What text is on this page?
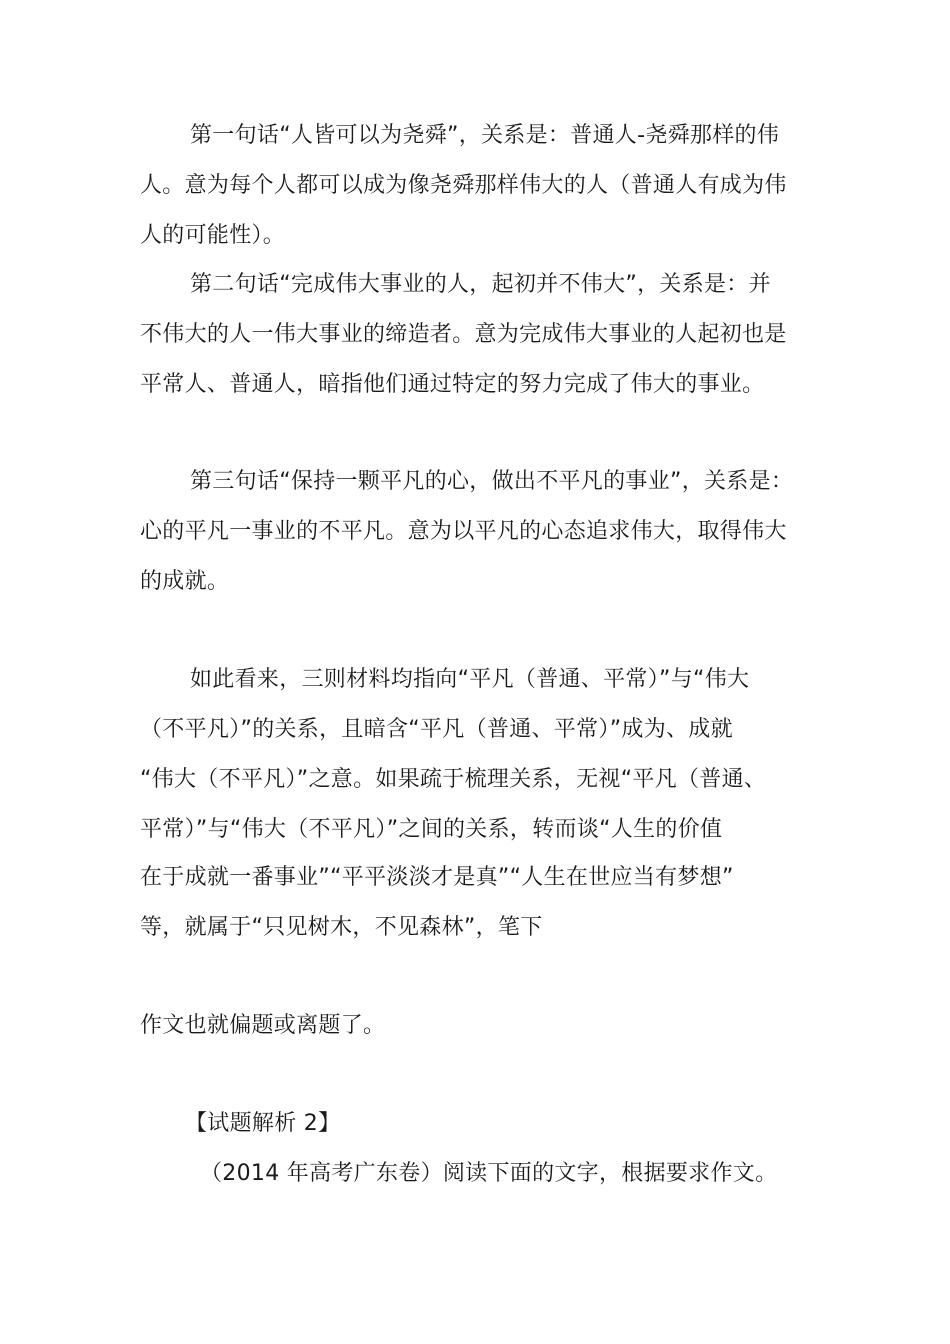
第一句话“人皆可以为尧舜”，关系是：普通人-尧舜那样的伟
人。意为每个人都可以成为像尧舜那样伟大的人（普通人有成为伟
人的可能性）。
第二句话“完成伟大事业的人，起初并不伟大”，关系是：并
不伟大的人一伟大事业的缔造者。意为完成伟大事业的人起初也是
平常人、普通人，暗指他们通过特定的努力完成了伟大的事业。
第三句话“保持一颗平凡的心，做出不平凡的事业”，关系是：
心的平凡一事业的不平凡。意为以平凡的心态追求伟大，取得伟大
的成就。
如此看来，三则材料均指向“平凡（普通、平常）”与“伟大
（不平凡）”的关系，且暗含“平凡（普通、平常）”成为、成就
“伟大（不平凡）”之意。如果疏于梳理关系，无视“平凡（普通、
平常）”与“伟大（不平凡）”之间的关系，转而谈“人生的价值
在于成就一番事业”“平平淡淡才是真”“人生在世应当有梦想”
等，就属于“只见树木，不见森林”，笔下
作文也就偏题或离题了。
【试题解析 2】
（2014 年高考广东卷）阅读下面的文字，根据要求作文。
